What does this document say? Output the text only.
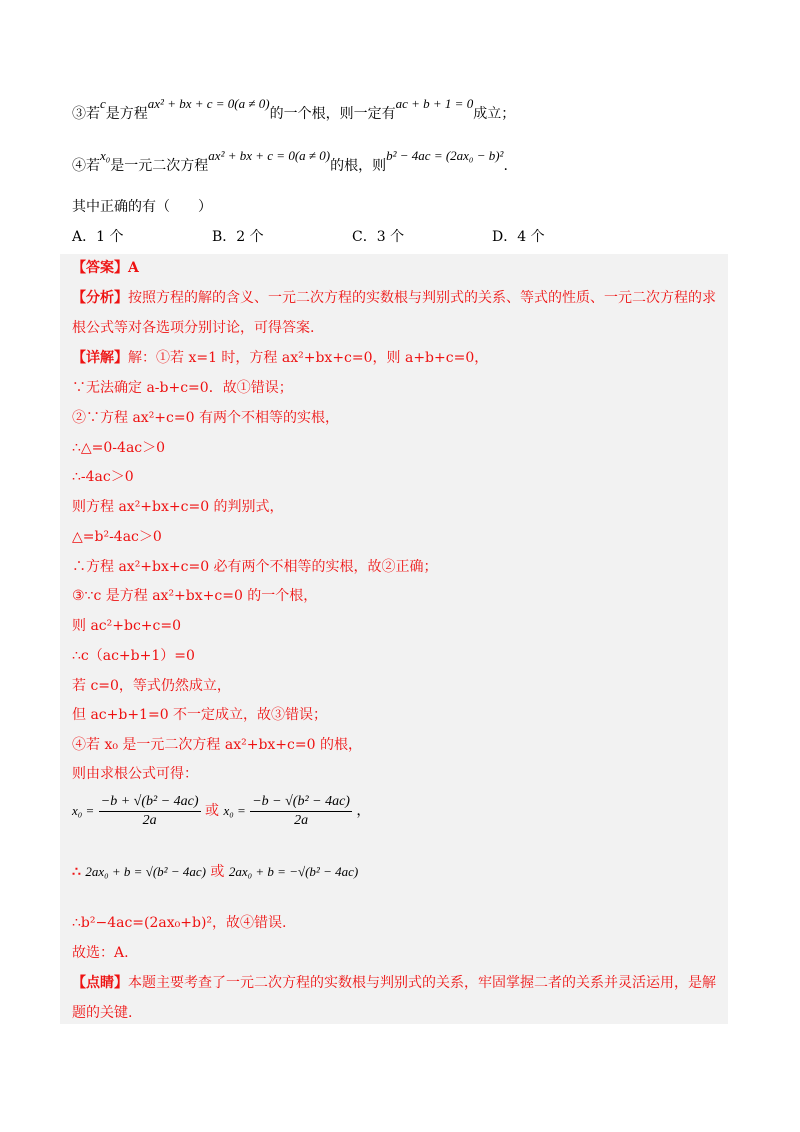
③若c是方程ax² + bx + c = 0(a ≠ 0)的一个根，则一定有ac + b + 1 = 0成立；
④若x₀是一元二次方程ax² + bx + c = 0(a ≠ 0)的根，则b² − 4ac = (2ax₀ − b)².
其中正确的有（　　）
A．1 个	B．2 个	C．3 个	D．4 个
【答案】A
【分析】按照方程的解的含义、一元二次方程的实数根与判别式的关系、等式的性质、一元二次方程的求
根公式等对各选项分别讨论，可得答案.
【详解】解：①若 x=1 时，方程 ax²+bx+c=0，则 a+b+c=0，
∵无法确定 a-b+c=0．故①错误；
②∵方程 ax²+c=0 有两个不相等的实根，
∴△=0-4ac＞0
∴-4ac＞0
则方程 ax²+bx+c=0 的判别式，
△=b²-4ac＞0
∴方程 ax²+bx+c=0 必有两个不相等的实根，故②正确；
③∵c 是方程 ax²+bx+c=0 的一个根，
则 ac²+bc+c=0
∴c（ac+b+1）=0
若 c=0，等式仍然成立，
但 ac+b+1=0 不一定成立，故③错误；
④若 x₀ 是一元二次方程 ax²+bx+c=0 的根，
则由求根公式可得：
$x_0 = \frac{\text{−b + √(b² − 4ac)}}{2a}$ 或 $x_0 = \frac{\text{−b − √(b² − 4ac)}}{2a}$ ，
∴ 2ax₀ + b = √(b² − 4ac) 或 2ax₀ + b = −√(b² − 4ac)
∴b²−4ac=(2ax₀+b)²，故④错误.
故选：A.
【点睛】本题主要考查了一元二次方程的实数根与判别式的关系，牢固掌握二者的关系并灵活运用，是解
题的关键.
